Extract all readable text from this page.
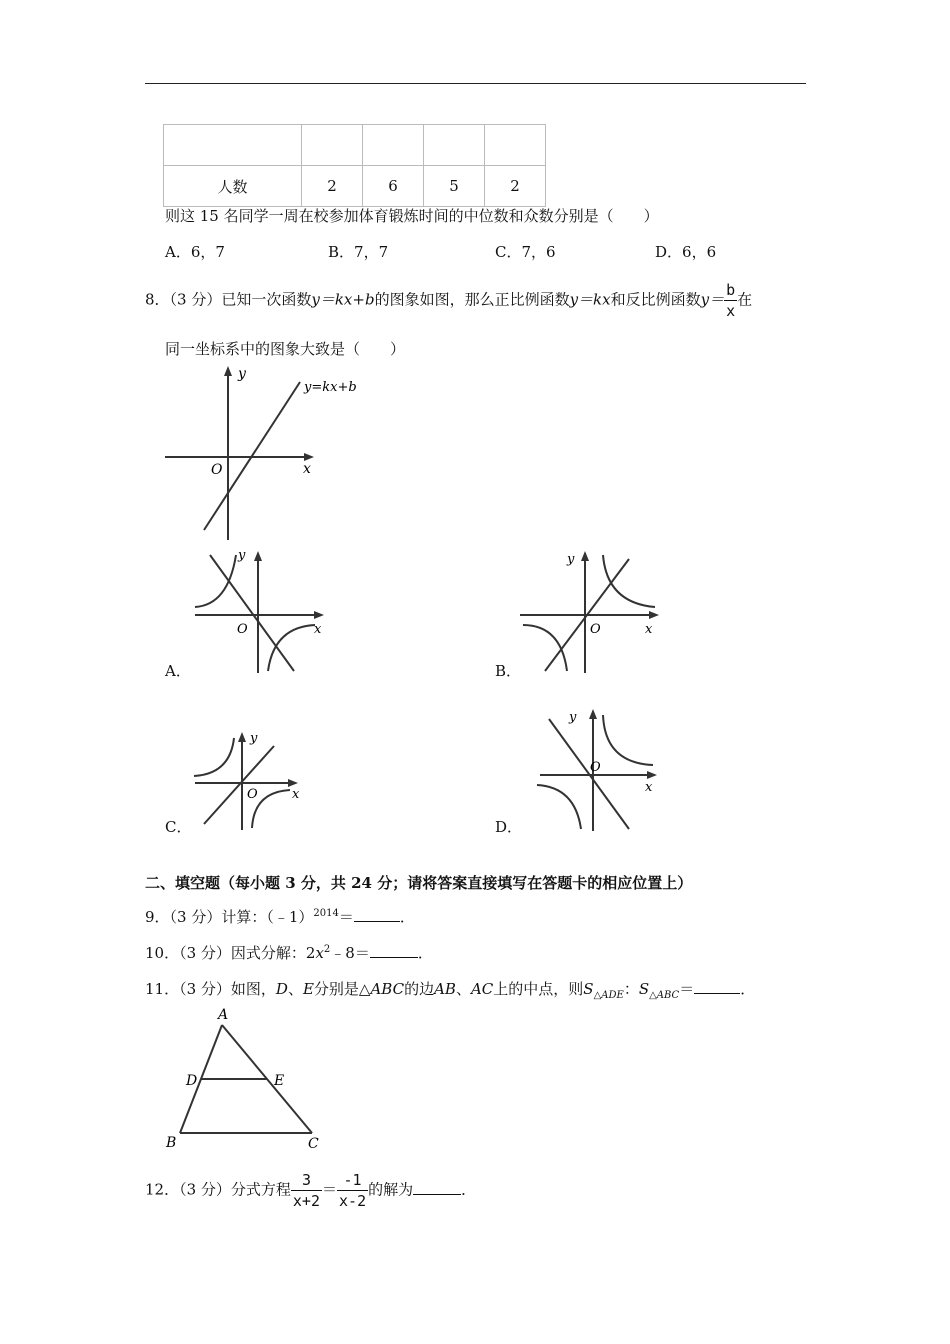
人数	2	6	5	2
则这 15 名同学一周在校参加体育锻炼时间的中位数和众数分别是（　　）
A．6，7	B．7，7	C．7，6	D．6，6
8．（3 分）已知一次函数y＝kx+b的图象如图，那么正比例函数y＝kx和反比例函数$y= \frac{b}{x}$ 在
同一坐标系中的图象大致是（　　）
y
x
O
y=kx+b
y
x
O
A．
y
x
O
B．
y
x
O
C．
y
x
O
D．
二、填空题（每小题 3 分，共 24 分；请将答案直接填写在答题卡的相应位置上）
9．（3 分）计算：（﹣1）$^{2014}$＝	．
10．（3 分）因式分解：$2x^2﹣8=$	．
11．（3 分）如图，D、E分别是△ABC的边AB、AC上的中点，则$S_{\triangle ADE}$：$S_{\triangle ABC}=$	．
A
B	C
D	E
12．（3 分）分式方程 $\frac{3}{x+2} = \frac{-1}{x-2}$ 的解为	．
